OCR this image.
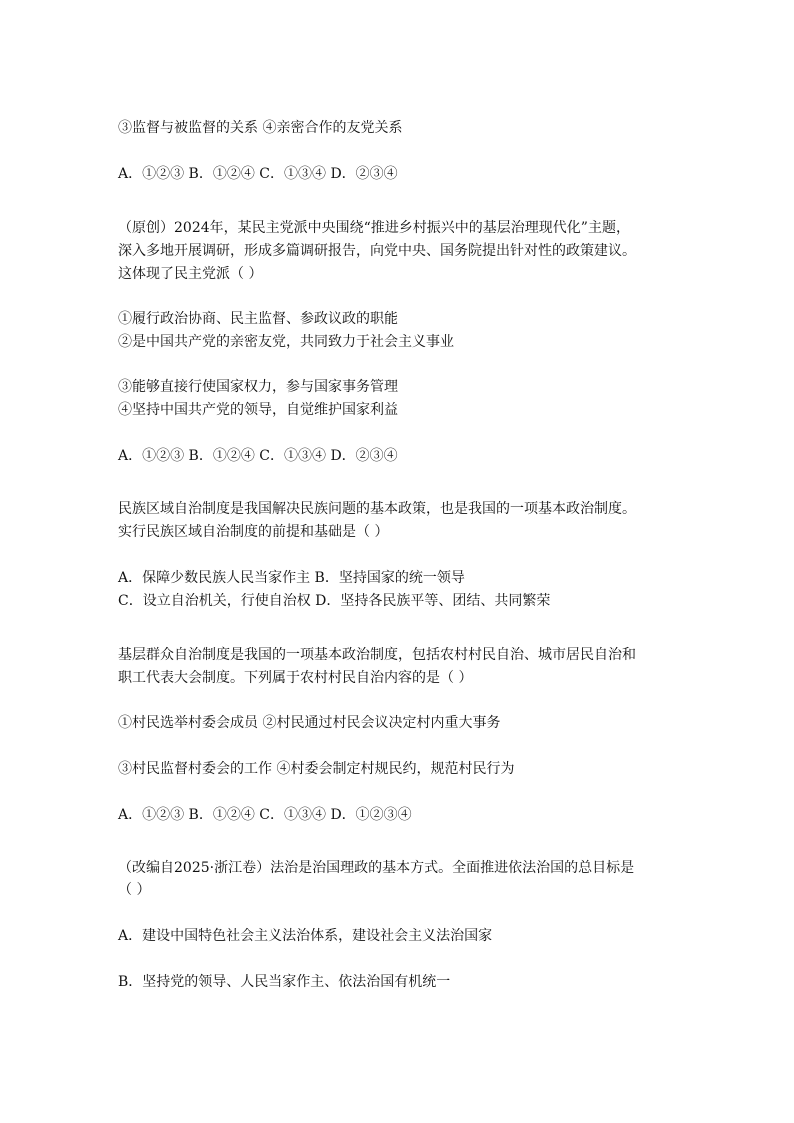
③监督与被监督的关系 ④亲密合作的友党关系
A．①②③ B．①②④ C．①③④ D．②③④
（原创）2024年，某民主党派中央围绕“推进乡村振兴中的基层治理现代化”主题，
深入多地开展调研，形成多篇调研报告，向党中央、国务院提出针对性的政策建议。
这体现了民主党派（ ）
①履行政治协商、民主监督、参政议政的职能
②是中国共产党的亲密友党，共同致力于社会主义事业
③能够直接行使国家权力，参与国家事务管理
④坚持中国共产党的领导，自觉维护国家利益
A．①②③ B．①②④ C．①③④ D．②③④
民族区域自治制度是我国解决民族问题的基本政策，也是我国的一项基本政治制度。
实行民族区域自治制度的前提和基础是（ ）
A．保障少数民族人民当家作主 B．坚持国家的统一领导
C．设立自治机关，行使自治权 D．坚持各民族平等、团结、共同繁荣
基层群众自治制度是我国的一项基本政治制度，包括农村村民自治、城市居民自治和
职工代表大会制度。下列属于农村村民自治内容的是（ ）
①村民选举村委会成员 ②村民通过村民会议决定村内重大事务
③村民监督村委会的工作 ④村委会制定村规民约，规范村民行为
A．①②③ B．①②④ C．①③④ D．①②③④
（改编自2025·浙江卷）法治是治国理政的基本方式。全面推进依法治国的总目标是
（ ）
A．建设中国特色社会主义法治体系，建设社会主义法治国家
B．坚持党的领导、人民当家作主、依法治国有机统一
